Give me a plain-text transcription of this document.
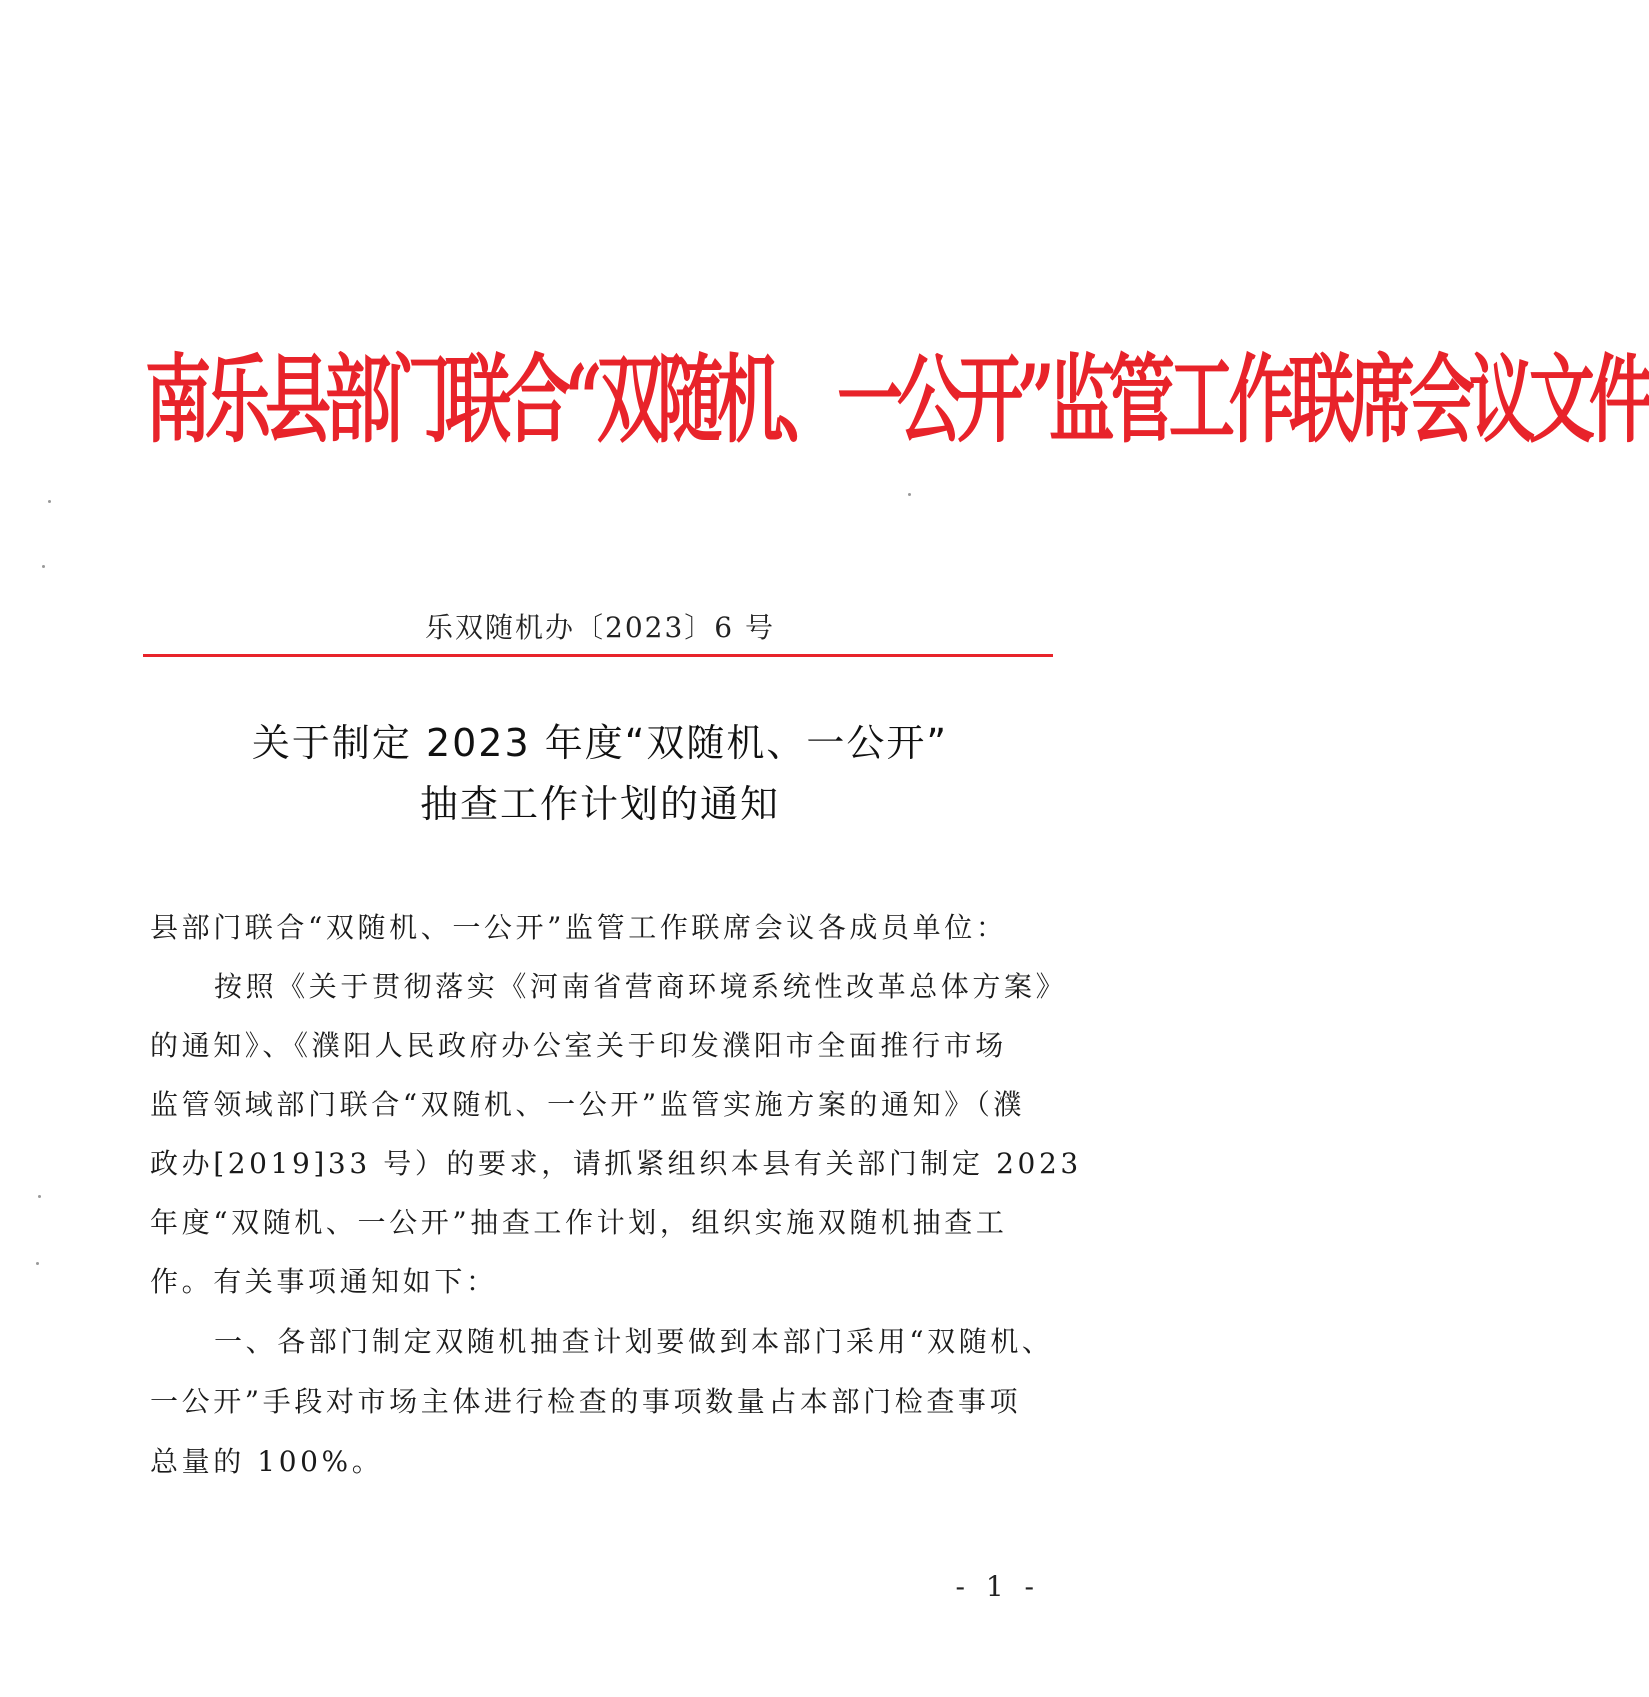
南乐县部门联合“双随机、一公开”监管工作联席会议文件
乐双随机办〔2023〕6 号
关于制定 2023 年度“双随机、一公开”
抽查工作计划的通知
县部门联合“双随机、一公开”监管工作联席会议各成员单位：
按照《关于贯彻落实《河南省营商环境系统性改革总体方案》
的通知》、《濮阳人民政府办公室关于印发濮阳市全面推行市场
监管领域部门联合“双随机、一公开”监管实施方案的通知》（濮
政办[2019]33 号）的要求，请抓紧组织本县有关部门制定 2023
年度“双随机、一公开”抽查工作计划，组织实施双随机抽查工
作。有关事项通知如下：
一、各部门制定双随机抽查计划要做到本部门采用“双随机、
一公开”手段对市场主体进行检查的事项数量占本部门检查事项
总量的 100%。
- 1 -
